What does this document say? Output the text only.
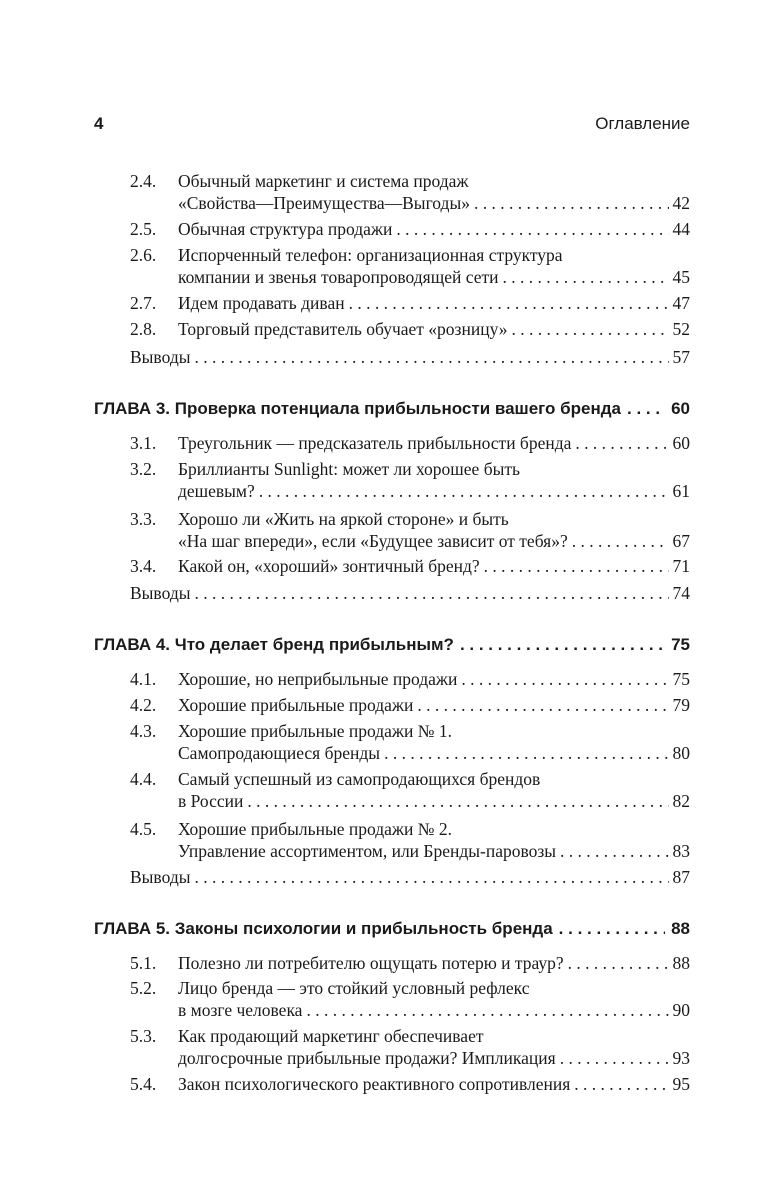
4	Оглавление
2.4. Обычный маркетинг и система продаж
«Свойства—Преимущества—Выгоды» . . .	42
2.5. Обычная структура продажи . . .	44
2.6. Испорченный телефон: организационная структура
компании и звенья товаропроводящей сети . . .	45
2.7. Идем продавать диван . . .	47
2.8. Торговый представитель обучает «розницу» . . .	52
Выводы . . .	57
ГЛАВА 3.
Проверка потенциала прибыльности вашего бренда . . .	60
3.1. Треугольник — предсказатель прибыльности бренда . . .	60
3.2. Бриллианты Sunlight: может ли хорошее быть
дешевым? . . .	61
3.3. Хорошо ли «Жить на яркой стороне» и быть
«На шаг впереди», если «Будущее зависит от тебя»? . . .	67
3.4. Какой он, «хороший» зонтичный бренд? . . .	71
Выводы . . .	74
ГЛАВА 4.
Что делает бренд прибыльным? . . .	75
4.1. Хорошие, но неприбыльные продажи . . .	75
4.2. Хорошие прибыльные продажи . . .	79
4.3. Хорошие прибыльные продажи № 1.
Самопродающиеся бренды . . .	80
4.4. Самый успешный из самопродающихся брендов
в России . . .	82
4.5. Хорошие прибыльные продажи № 2.
Управление ассортиментом, или Бренды-паровозы . . .	83
Выводы . . .	87
ГЛАВА 5.
Законы психологии и прибыльность бренда . . .	88
5.1. Полезно ли потребителю ощущать потерю и траур? . . .	88
5.2. Лицо бренда — это стойкий условный рефлекс
в мозге человека . . .	90
5.3. Как продающий маркетинг обеспечивает
долгосрочные прибыльные продажи? Импликация . . .	93
5.4. Закон психологического реактивного сопротивления . . .	95
